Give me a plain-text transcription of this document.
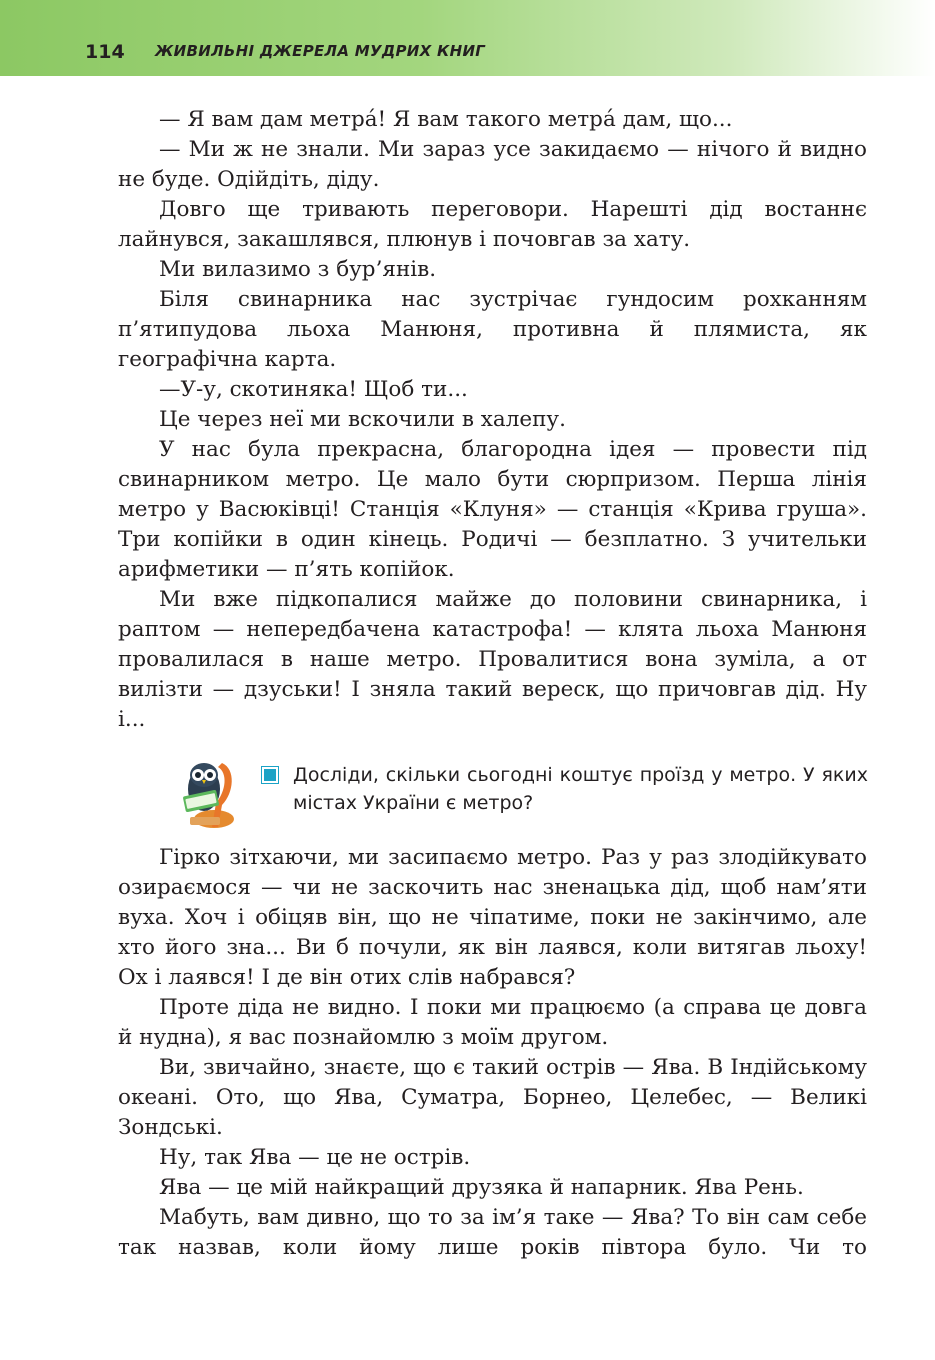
114 ЖИВИЛЬНІ ДЖЕРЕЛА МУДРИХ КНИГ

— Я вам дам метра́! Я вам такого метра́ дам, що...

— Ми ж не знали. Ми зараз усе закидаємо — нічого й видно не буде. Одійдіть, діду.

Довго ще тривають переговори. Нарешті дід востаннє лайнувся, закашлявся, плюнув і почовгав за хату.

Ми вилазимо з бур’янів.

Біля свинарника нас зустрічає гундосим рохканням п’ятипудова льоха Манюня, противна й плямиста, як географічна карта.

—У-у, скотиняка! Щоб ти...

Це через неї ми вскочили в халепу.

У нас була прекрасна, благородна ідея — провести під свинарником метро. Це мало бути сюрпризом. Перша лінія метро у Васюківці! Станція «Клуня» — станція «Крива груша». Три копійки в один кінець. Родичі — безплатно. З учительки арифметики — п’ять копійок.

Ми вже підкопалися майже до половини свинарника, і раптом — непередбачена катастрофа! — клята льоха Манюня провалилася в наше метро. Провалитися вона зуміла, а от вилізти — дзуськи! І зняла такий вереск, що причовгав дід. Ну і...

Досліди, скільки сьогодні коштує проїзд у метро. У яких містах України є метро?

Гірко зітхаючи, ми засипаємо метро. Раз у раз злодійкувато озираємося — чи не заскочить нас зненацька дід, щоб нам’яти вуха. Хоч і обіцяв він, що не чіпатиме, поки не закінчимо, але хто його зна... Ви б почули, як він лаявся, коли витягав льоху! Ох і лаявся! І де він отих слів набрався?

Проте діда не видно. І поки ми працюємо (а справа це довга й нудна), я вас познайомлю з моїм другом.

Ви, звичайно, знаєте, що є такий острів — Ява. В Індійському океані. Ото, що Ява, Суматра, Борнео, Целебес, — Великі Зондські.

Ну, так Ява — це не острів.

Ява — це мій найкращий друзяка й напарник. Ява Рень.

Мабуть, вам дивно, що то за ім’я таке — Ява? То він сам себе так назвав, коли йому лише років півтора було. Чи то
